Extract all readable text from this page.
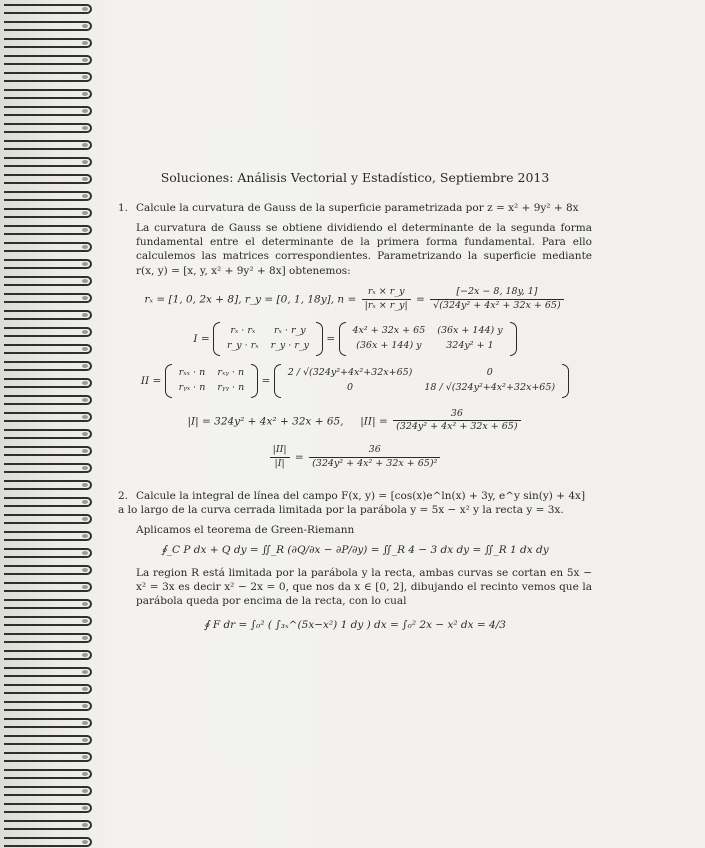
Soluciones: Análisis Vectorial y Estadístico, Septiembre 2013
1. Calcule la curvatura de Gauss de la superficie parametrizada por z = x² + 9y² + 8x
La curvatura de Gauss se obtiene dividiendo el determinante de la segunda forma fundamental entre el determinante de la primera forma fundamental. Para ello calculemos las matrices correspondientes. Parametrizando la superficie mediante r(x, y) = [x, y, x² + 9y² + 8x] obtenemos:
rₓ = [1, 0, 2x + 8], r_y = [0, 1, 18y], $n = \frac{\text{rₓ × r\_y}}{\text{|rₓ × r\_y|}} = \frac{[-2x - 8, 18y, 1]}{\text{√(324y² + 4x² + 32x + 65)}}$
I =
rₓ · rₓ	rₓ · r_y
r_y · rₓ	r_y · r_y
=
4x² + 32x + 65	(36x + 144) y
(36x + 144) y	324y² + 1
II =
rₓₓ · n	rₓᵧ · n
rᵧₓ · n	rᵧᵧ · n
=
2 / √(324y²+4x²+32x+65)	0
0	18 / √(324y²+4x²+32x+65)
|I| = 324y² + 4x² + 32x + 65, $|II| = \frac{36}{\text{(324y² + 4x² + 32x + 65)}}$
$\frac{|II|}{|I|} = \frac{36}{\text{(324y² + 4x² + 32x + 65)²}}$
2. Calcule la integral de línea del campo F(x, y) = [cos(x)e^ln(x) + 3y, e^y sin(y) + 4x] a lo largo de la curva cerrada limitada por la parábola y = 5x − x² y la recta y = 3x.
Aplicamos el teorema de Green-Riemann
∮_C P dx + Q dy = ∬_R (∂Q/∂x − ∂P/∂y) = ∬_R 4 − 3 dx dy = ∬_R 1 dx dy
La region R está limitada por la parábola y la recta, ambas curvas se cortan en 5x − x² = 3x es decir x² − 2x = 0, que nos da x ∈ [0, 2], dibujando el recinto vemos que la parábola queda por encima de la recta, con lo cual
∮ F dr = ∫₀² ( ∫₃ₓ^(5x−x²) 1 dy ) dx = ∫₀² 2x − x² dx = 4/3
